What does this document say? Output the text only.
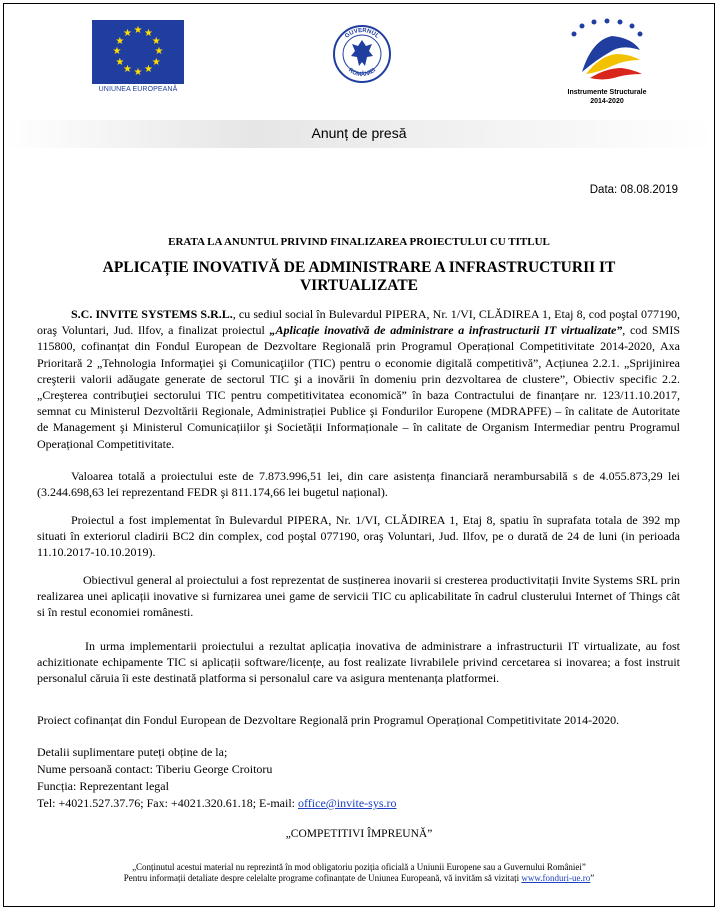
★ ★
★
★
★
★
★
★
★
★
★
★
UNIUNEA EUROPEANĂ
GUVERNUL
ROMÂNIEI
Instrumente Structurale
2014-2020
Anunț de presă
Data: 08.08.2019
ERATA LA ANUNTUL PRIVIND FINALIZAREA PROIECTULUI CU TITLUL
APLICAȚIE INOVATIVĂ DE ADMINISTRARE A INFRASTRUCTURII IT VIRTUALIZATE
S.C. INVITE SYSTEMS S.R.L., cu sediul social în Bulevardul PIPERA, Nr. 1/VI, CLĂDIREA 1, Etaj 8, cod poştal 077190, oraş Voluntari, Jud. Ilfov, a finalizat proiectul „Aplicație inovativă de administrare a infrastructurii IT virtualizate”, cod SMIS 115800, cofinanțat din Fondul European de Dezvoltare Regională prin Programul Operațional Competitivitate 2014-2020, Axa Prioritară 2 „Tehnologia Informaţiei şi Comunicaţiilor (TIC) pentru o economie digitală competitivă”, Acțiunea 2.2.1. „Sprijinirea creşterii valorii adăugate generate de sectorul TIC şi a inovării în domeniu prin dezvoltarea de clustere”, Obiectiv specific 2.2. „Creşterea contribuţiei sectorului TIC pentru competitivitatea economică” în baza Contractului de finanțare nr. 123/11.10.2017, semnat cu Ministerul Dezvoltării Regionale, Administrației Publice şi Fondurilor Europene (MDRAPFE) – în calitate de Autoritate de Management şi Ministerul Comunicațiilor şi Societății Informaționale – în calitate de Organism Intermediar pentru Programul Operațional Competitivitate.
Valoarea totală a proiectului este de 7.873.996,51 lei, din care asistența financiară nerambursabilă s de 4.055.873,29 lei (3.244.698,63 lei reprezentand FEDR şi 811.174,66 lei bugetul național).
Proiectul a fost implementat în Bulevardul PIPERA, Nr. 1/VI, CLĂDIREA 1, Etaj 8, spatiu în suprafata totala de 392 mp situati în exteriorul cladirii BC2 din complex, cod poştal 077190, oraş Voluntari, Jud. Ilfov, pe o durată de 24 de luni (in perioada 11.10.2017-10.10.2019).
Obiectivul general al proiectului a fost reprezentat de susținerea inovarii si cresterea productivitații Invite Systems SRL prin realizarea unei aplicații inovative si furnizarea unei game de servicii TIC cu aplicabilitate în cadrul clusterului Internet of Things cât si în restul economiei românesti.
In urma implementarii proiectului a rezultat aplicația inovativa de administrare a infrastructurii IT virtualizate, au fost achizitionate echipamente TIC si aplicații software/licențe, au fost realizate livrabilele privind cercetarea si inovarea; a fost instruit personalul căruia îi este destinată platforma si personalul care va asigura mentenanța platformei.
Proiect cofinanțat din Fondul European de Dezvoltare Regională prin Programul Operațional Competitivitate 2014-2020.
Detalii suplimentare puteți obține de la;
Nume persoană contact: Tiberiu George Croitoru
Funcția: Reprezentant legal
Tel: +4021.527.37.76; Fax: +4021.320.61.18; E-mail: office@invite-sys.ro
„COMPETITIVI ÎMPREUNĂ”
„Conținutul acestui material nu reprezintă în mod obligatoriu poziția oficială a Uniunii Europene sau a Guvernului României”
Pentru informații detaliate despre celelalte programe cofinanțate de Uniunea Europeană, vă invităm să vizitați www.fonduri-ue.ro”
